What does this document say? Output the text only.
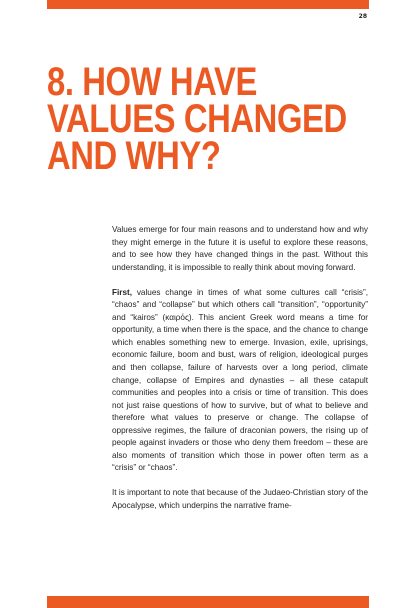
28
8. HOW HAVE
VALUES CHANGED
AND WHY?

Values emerge for four main reasons and to understand how and why they might emerge in the future it is useful to explore these reasons, and to see how they have changed things in the past. Without this understanding, it is impossible to really think about moving forward.

First, values change in times of what some cultures call “crisis”, “chaos” and “collapse” but which others call “transition”, “opportunity” and “kairos” (καιρός). This ancient Greek word means a time for opportunity, a time when there is the space, and the chance to change which enables something new to emerge. Invasion, exile, uprisings, economic failure, boom and bust, wars of religion, ideological purges and then collapse, failure of harvests over a long period, climate change, collapse of Empires and dynasties – all these catapult communities and peoples into a crisis or time of transition. This does not just raise questions of how to survive, but of what to believe and therefore what values to preserve or change. The collapse of oppressive regimes, the failure of draconian powers, the rising up of people against invaders or those who deny them freedom – these are also moments of transition which those in power often term as a “crisis” or “chaos”.

It is important to note that because of the Judaeo-Christian story of the Apocalypse, which underpins the narrative frame-
